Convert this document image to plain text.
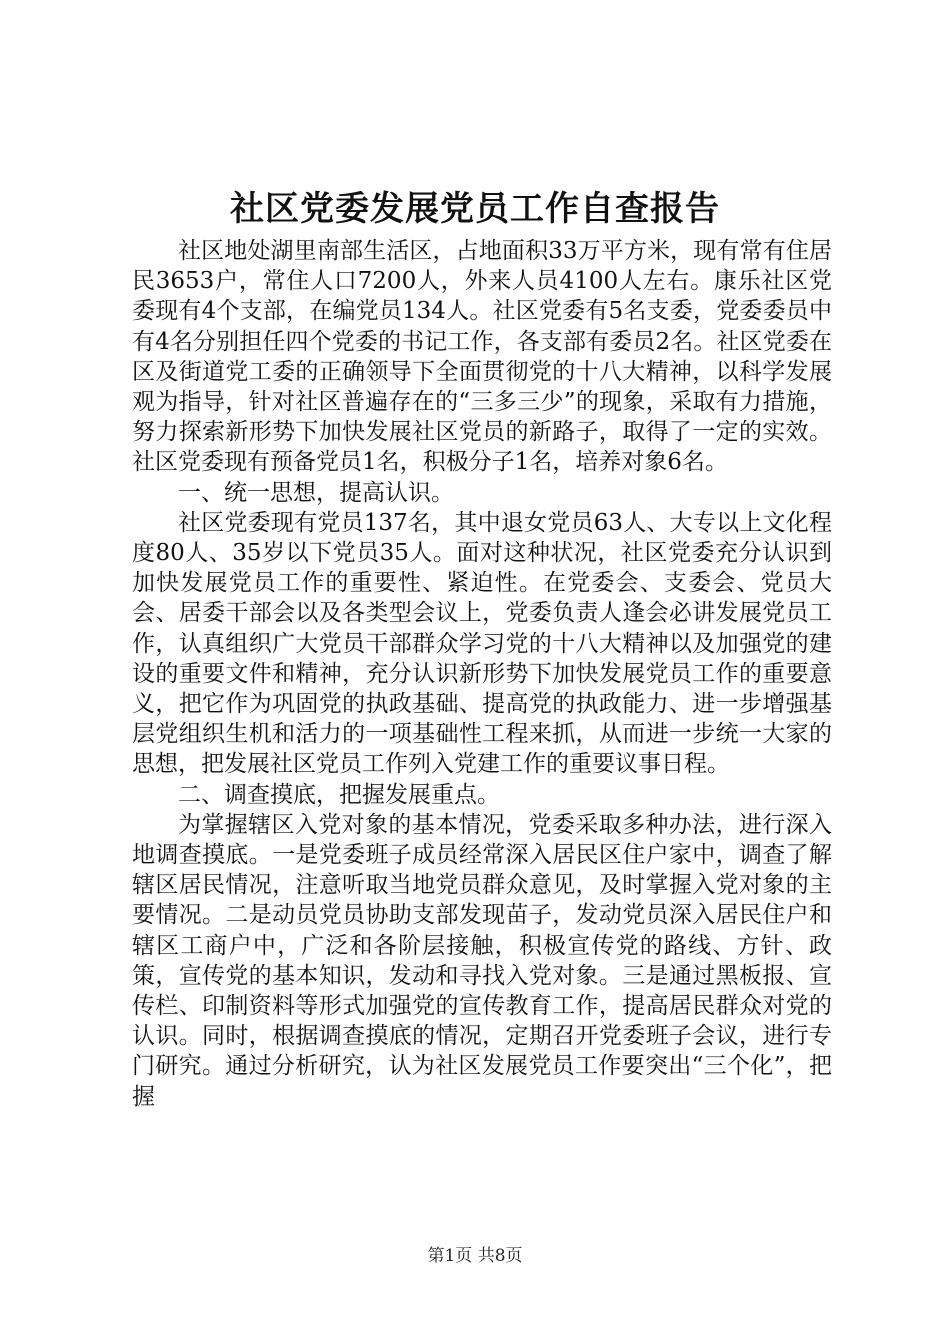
社区党委发展党员工作自查报告

社区地处湖里南部生活区，占地面积33万平方米，现有常有住居民3653户，常住人口7200人，外来人员4100人左右。康乐社区党委现有4个支部，在编党员134人。社区党委有5名支委，党委委员中有4名分别担任四个党委的书记工作，各支部有委员2名。社区党委在区及街道党工委的正确领导下全面贯彻党的十八大精神，以科学发展观为指导，针对社区普遍存在的“三多三少”的现象，采取有力措施，努力探索新形势下加快发展社区党员的新路子，取得了一定的实效。社区党委现有预备党员1名，积极分子1名，培养对象6名。

一、统一思想，提高认识。

社区党委现有党员137名，其中退女党员63人、大专以上文化程度80人、35岁以下党员35人。面对这种状况，社区党委充分认识到加快发展党员工作的重要性、紧迫性。在党委会、支委会、党员大会、居委干部会以及各类型会议上，党委负责人逢会必讲发展党员工作，认真组织广大党员干部群众学习党的十八大精神以及加强党的建设的重要文件和精神，充分认识新形势下加快发展党员工作的重要意义，把它作为巩固党的执政基础、提高党的执政能力、进一步增强基层党组织生机和活力的一项基础性工程来抓，从而进一步统一大家的思想，把发展社区党员工作列入党建工作的重要议事日程。

二、调查摸底，把握发展重点。

为掌握辖区入党对象的基本情况，党委采取多种办法，进行深入地调查摸底。一是党委班子成员经常深入居民区住户家中，调查了解辖区居民情况，注意听取当地党员群众意见，及时掌握入党对象的主要情况。二是动员党员协助支部发现苗子，发动党员深入居民住户和辖区工商户中，广泛和各阶层接触，积极宣传党的路线、方针、政策，宣传党的基本知识，发动和寻找入党对象。三是通过黑板报、宣传栏、印制资料等形式加强党的宣传教育工作，提高居民群众对党的认识。同时，根据调查摸底的情况，定期召开党委班子会议，进行专门研究。通过分析研究，认为社区发展党员工作要突出“三个化”，把握

第1页 共8页
